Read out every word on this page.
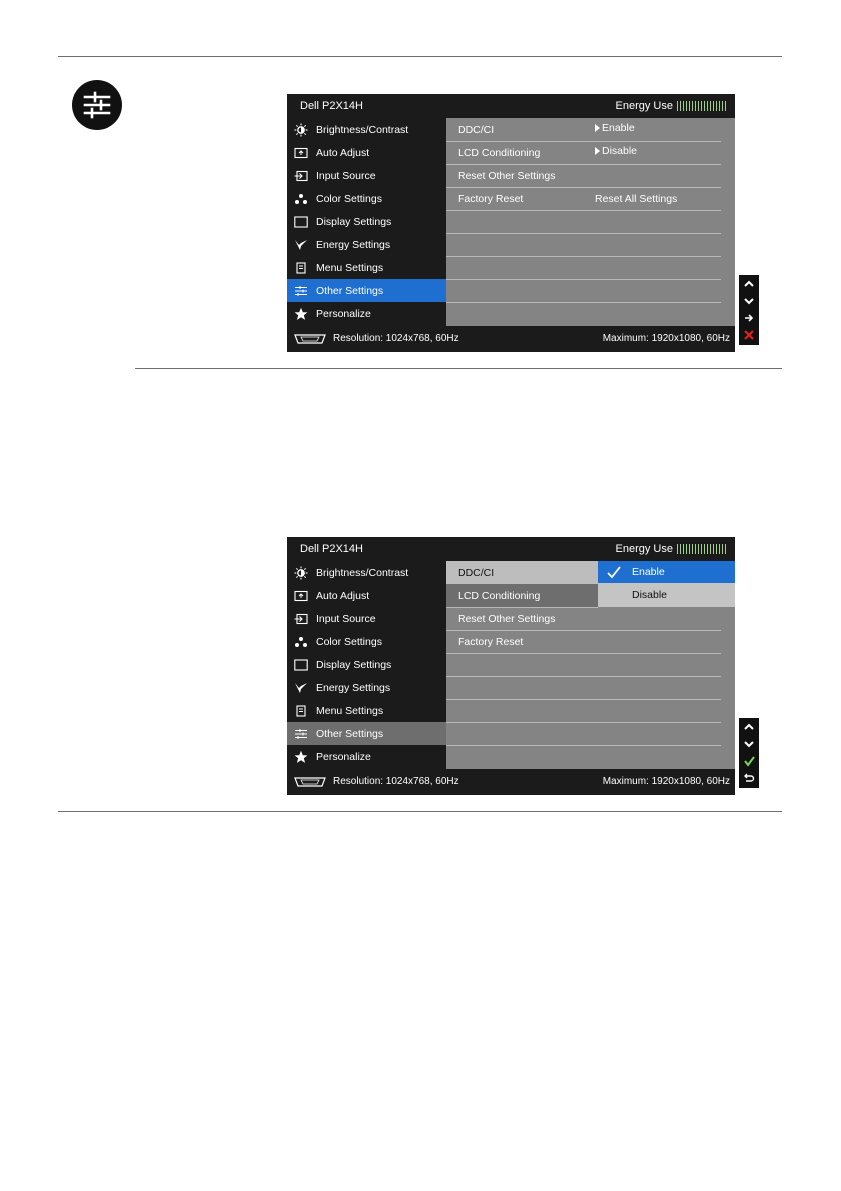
Dell P2X14H	Energy Use
Brightness/Contrast
Auto Adjust
Input Source
Color Settings
Display Settings
Energy Settings
Menu Settings
Other Settings
Personalize
DDC/CI	Enable
LCD Conditioning	Disable
Reset Other Settings
Factory Reset	Reset All Settings
Resolution: 1024x768, 60Hz	Maximum: 1920x1080, 60Hz
Dell P2X14H	Energy Use
Brightness/Contrast
Auto Adjust
Input Source
Color Settings
Display Settings
Energy Settings
Menu Settings
Other Settings
Personalize
DDC/CI
LCD Conditioning
Reset Other Settings
Factory Reset
Enable
Disable
Resolution: 1024x768, 60Hz	Maximum: 1920x1080, 60Hz
